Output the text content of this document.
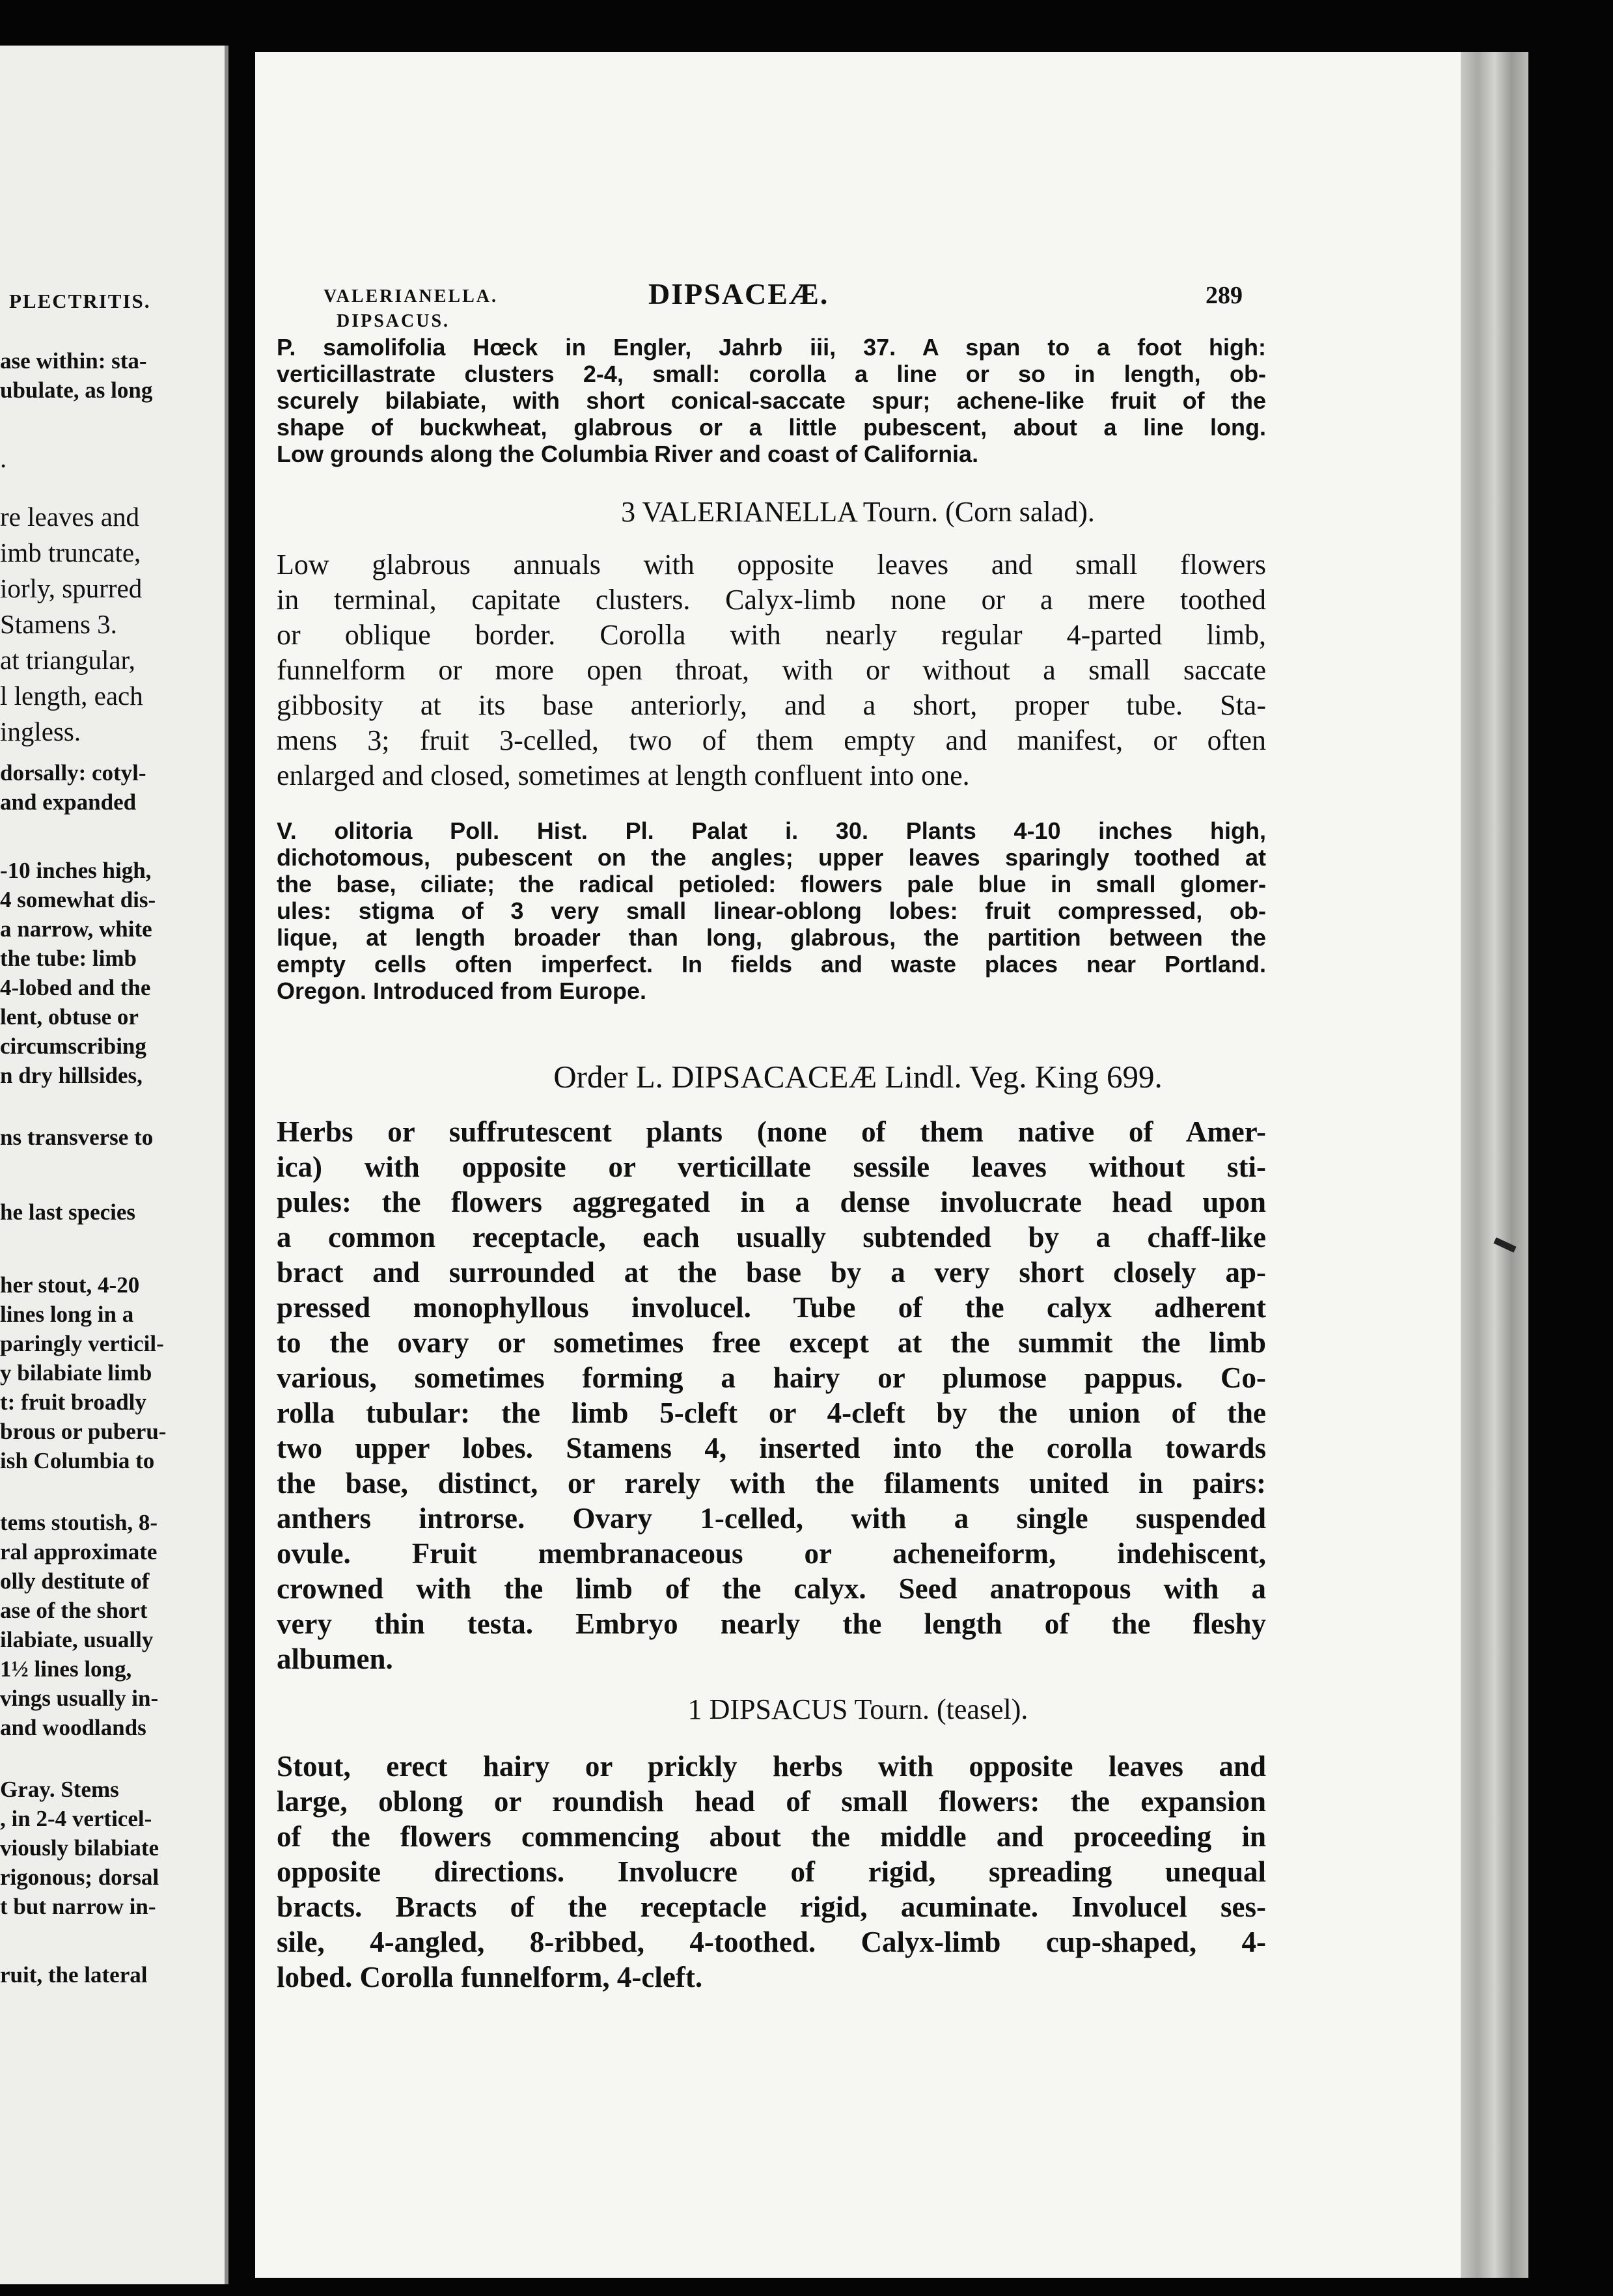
PLECTRITIS.
ase within: sta-
ubulate, as long
.
re leaves and
imb truncate,
iorly, spurred
Stamens 3.
at triangular,
l length, each
ingless.
dorsally: cotyl-
and expanded
-10 inches high,
4 somewhat dis-
a narrow, white
the tube: limb
4-lobed and the
lent, obtuse or
circumscribing
n dry hillsides,
ns transverse to
he last species
her stout, 4-20
lines long in a
paringly verticil-
y bilabiate limb
t: fruit broadly
brous or puberu-
ish Columbia to
tems stoutish, 8-
ral approximate
olly destitute of
ase of the short
ilabiate, usually
1½ lines long,
vings usually in-
and woodlands
Gray. Stems
, in 2-4 verticel-
viously bilabiate
rigonous; dorsal
t but narrow in-
ruit, the lateral
VALERIANELLA.
DIPSACUS.
DIPSACEÆ.	289
P. samolifolia Hœck in Engler, Jahrb iii, 37. A span to a foot high:
verticillastrate clusters 2-4, small: corolla a line or so in length, ob-
scurely bilabiate, with short conical-saccate spur; achene-like fruit of the
shape of buckwheat, glabrous or a little pubescent, about a line long.
Low grounds along the Columbia River and coast of California.
3 VALERIANELLA Tourn. (Corn salad).
Low glabrous annuals with opposite leaves and small flowers
in terminal, capitate clusters. Calyx-limb none or a mere toothed
or oblique border. Corolla with nearly regular 4-parted limb,
funnelform or more open throat, with or without a small saccate
gibbosity at its base anteriorly, and a short, proper tube. Sta-
mens 3; fruit 3-celled, two of them empty and manifest, or often
enlarged and closed, sometimes at length confluent into one.
V. olitoria Poll. Hist. Pl. Palat i. 30. Plants 4-10 inches high,
dichotomous, pubescent on the angles; upper leaves sparingly toothed at
the base, ciliate; the radical petioled: flowers pale blue in small glomer-
ules: stigma of 3 very small linear-oblong lobes: fruit compressed, ob-
lique, at length broader than long, glabrous, the partition between the
empty cells often imperfect. In fields and waste places near Portland.
Oregon. Introduced from Europe.
Order L. DIPSACACEÆ Lindl. Veg. King 699.
Herbs or suffrutescent plants (none of them native of Amer-
ica) with opposite or verticillate sessile leaves without sti-
pules: the flowers aggregated in a dense involucrate head upon
a common receptacle, each usually subtended by a chaff-like
bract and surrounded at the base by a very short closely ap-
pressed monophyllous involucel. Tube of the calyx adherent
to the ovary or sometimes free except at the summit the limb
various, sometimes forming a hairy or plumose pappus. Co-
rolla tubular: the limb 5-cleft or 4-cleft by the union of the
two upper lobes. Stamens 4, inserted into the corolla towards
the base, distinct, or rarely with the filaments united in pairs:
anthers introrse. Ovary 1-celled, with a single suspended
ovule. Fruit membranaceous or acheneiform, indehiscent,
crowned with the limb of the calyx. Seed anatropous with a
very thin testa. Embryo nearly the length of the fleshy
albumen.
1 DIPSACUS Tourn. (teasel).
Stout, erect hairy or prickly herbs with opposite leaves and
large, oblong or roundish head of small flowers: the expansion
of the flowers commencing about the middle and proceeding in
opposite directions. Involucre of rigid, spreading unequal
bracts. Bracts of the receptacle rigid, acuminate. Involucel ses-
sile, 4-angled, 8-ribbed, 4-toothed. Calyx-limb cup-shaped, 4-
lobed. Corolla funnelform, 4-cleft.
